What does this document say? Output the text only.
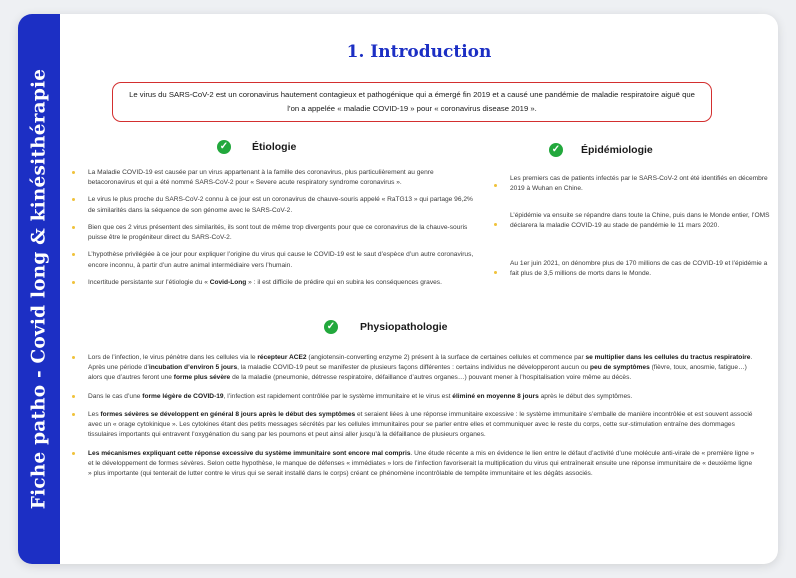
Fiche patho - Covid long & kinésithérapie
1. Introduction
Le virus du SARS-CoV-2 est un coronavirus hautement contagieux et pathogénique qui a émergé fin 2019 et a causé une pandémie de maladie respiratoire aiguë que l’on a appelée « maladie COVID-19 » pour « coronavirus disease 2019 ».
✓ Étiologie
La Maladie COVID-19 est causée par un virus appartenant à la famille des coronavirus, plus particulièrement au genre betacoronavirus et qui a été nommé SARS-CoV-2 pour « Severe acute respiratory syndrome coronavirus ».
Le virus le plus proche du SARS-CoV-2 connu à ce jour est un coronavirus de chauve-souris appelé « RaTG13 » qui partage 96,2% de similarités dans la séquence de son génome avec le SARS-CoV-2.
Bien que ces 2 virus présentent des similarités, ils sont tout de même trop divergents pour que ce coronavirus de la chauve-souris puisse être le progéniteur direct du SARS-CoV-2.
L’hypothèse privilégiée à ce jour pour expliquer l’origine du virus qui cause le COVID-19 est le saut d’espèce d’un autre coronavirus, encore inconnu, à partir d’un autre animal intermédiaire vers l’humain.
Incertitude persistante sur l’étiologie du « Covid-Long » : il est difficile de prédire qui en subira les conséquences graves.
✓ Épidémiologie
Les premiers cas de patients infectés par le SARS-CoV-2 ont été identifiés en décembre 2019 à Wuhan en Chine.
L’épidémie va ensuite se répandre dans toute la Chine, puis dans le Monde entier, l’OMS déclarera la maladie COVID-19 au stade de pandémie le 11 mars 2020.
Au 1er juin 2021, on dénombre plus de 170 millions de cas de COVID-19 et l’épidémie a fait plus de 3,5 millions de morts dans le Monde.
✓ Physiopathologie
Lors de l’infection, le virus pénètre dans les cellules via le récepteur ACE2 (angiotensin-converting enzyme 2) présent à la surface de certaines cellules et commence par se multiplier dans les cellules du tractus respiratoire. Après une période d’incubation d’environ 5 jours, la maladie COVID-19 peut se manifester de plusieurs façons différentes : certains individus ne développeront aucun ou peu de symptômes (fièvre, toux, anosmie, fatigue…) alors que d’autres feront une forme plus sévère de la maladie (pneumonie, détresse respiratoire, défaillance d’autres organes…) pouvant mener à l’hospitalisation voire même au décès.
Dans le cas d’une forme légère de COVID-19, l’infection est rapidement contrôlée par le système immunitaire et le virus est éliminé en moyenne 8 jours après le début des symptômes.
Les formes sévères se développent en général 8 jours après le début des symptômes et seraient liées à une réponse immunitaire excessive : le système immunitaire s’emballe de manière incontrôlée et est souvent associé avec un « orage cytokinique ». Les cytokines étant des petits messages sécrétés par les cellules immunitaires pour se parler entre elles et communiquer avec le reste du corps, cette sur-stimulation entraîne des dommages tissulaires importants qui entravent l’oxygénation du sang par les poumons et peut ainsi aller jusqu’à la défaillance de plusieurs organes.
Les mécanismes expliquant cette réponse excessive du système immunitaire sont encore mal compris. Une étude récente a mis en évidence le lien entre le défaut d’activité d’une molécule anti-virale de « première ligne » et le développement de formes sévères. Selon cette hypothèse, le manque de défenses « immédiates » lors de l’infection favoriserait la multiplication du virus qui entraînerait ensuite une réponse immunitaire de « deuxième ligne » plus importante (qui tenterait de lutter contre le virus qui se serait installé dans le corps) créant ce phénomène incontrôlable de tempête immunitaire et les dégâts associés.
